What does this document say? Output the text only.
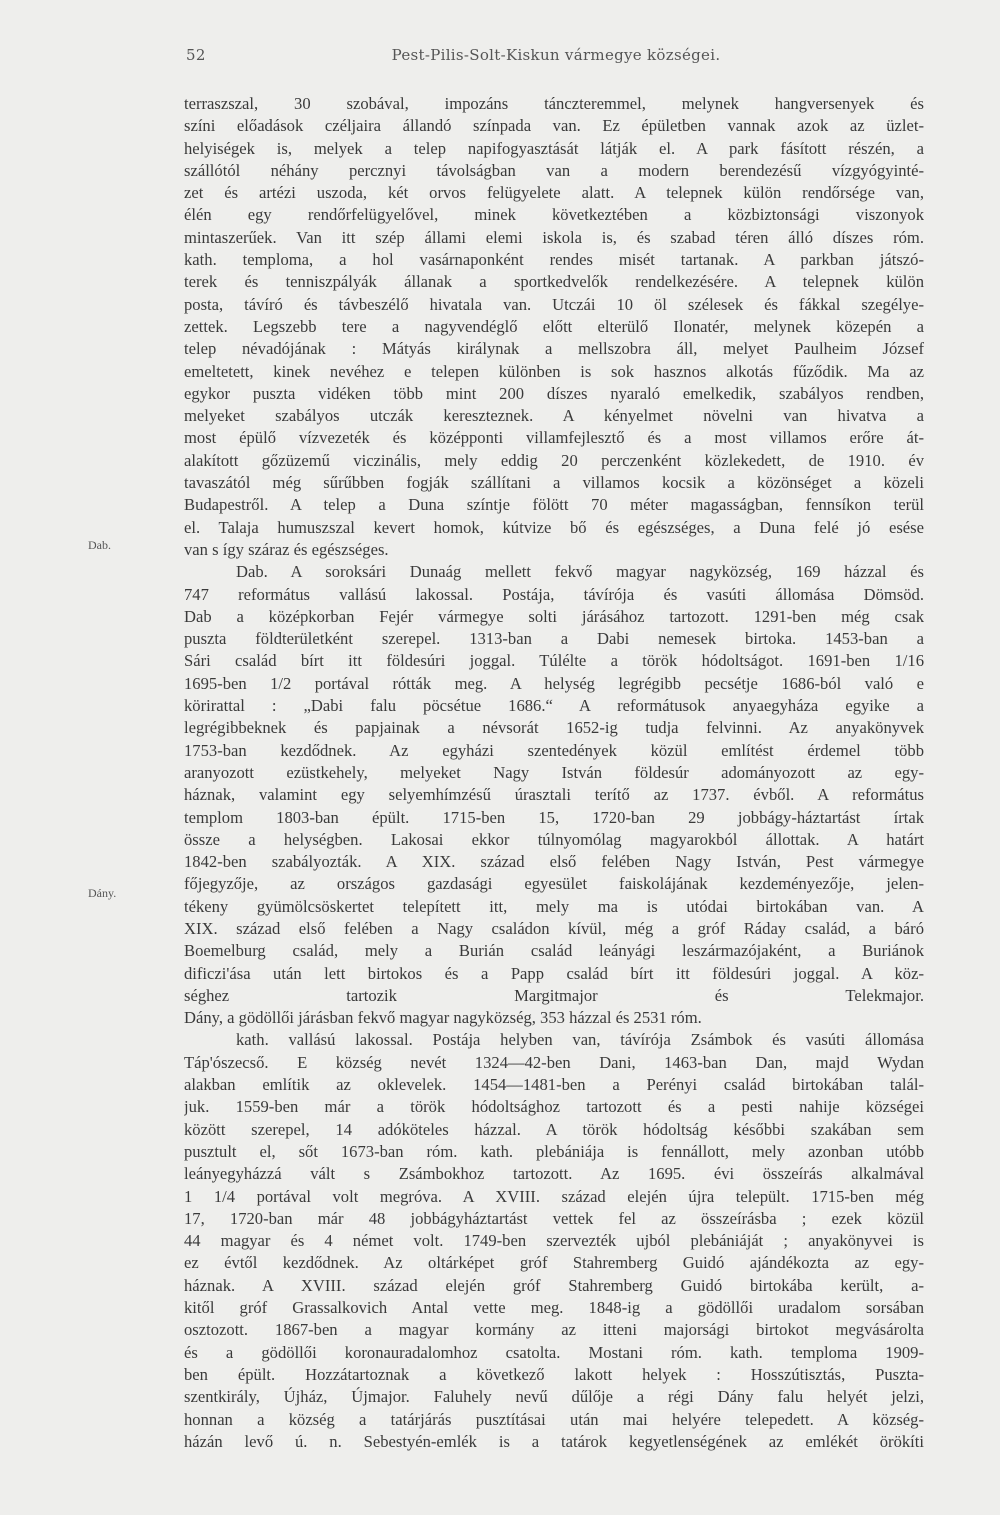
52	Pest-Pilis-Solt-Kiskun vármegye községei.
Dab.
Dány.
terraszszal, 30 szobával, impozáns tánczteremmel, melynek hangversenyek és
színi előadások czéljaira állandó színpada van. Ez épületben vannak azok az üzlet-
helyiségek is, melyek a telep napifogyasztását látják el. A park fásított részén, a
szállótól néhány percznyi távolságban van a modern berendezésű vízgyógyinté-
zet és artézi uszoda, két orvos felügyelete alatt. A telepnek külön rendőrsége van,
élén egy rendőrfelügyelővel, minek következtében a közbiztonsági viszonyok
mintaszerűek. Van itt szép állami elemi iskola is, és szabad téren álló díszes róm.
kath. temploma, a hol vasárnaponként rendes misét tartanak. A parkban játszó-
terek és tenniszpályák állanak a sportkedvelők rendelkezésére. A telepnek külön
posta, távíró és távbeszélő hivatala van. Utczái 10 öl szélesek és fákkal szegélye-
zettek. Legszebb tere a nagyvendéglő előtt elterülő Ilonatér, melynek közepén a
telep névadójának : Mátyás királynak a mellszobra áll, melyet Paulheim József
emeltetett, kinek nevéhez e telepen különben is sok hasznos alkotás fűződik. Ma az
egykor puszta vidéken több mint 200 díszes nyaraló emelkedik, szabályos rendben,
melyeket szabályos utczák kereszteznek. A kényelmet növelni van hivatva a
most épülő vízvezeték és középponti villamfejlesztő és a most villamos erőre át-
alakított gőzüzemű viczinális, mely eddig 20 perczenként közlekedett, de 1910. év
tavaszától még sűrűbben fogják szállítani a villamos kocsik a közönséget a közeli
Budapestről. A telep a Duna színtje fölött 70 méter magasságban, fennsíkon terül
el. Talaja humuszszal kevert homok, kútvize bő és egészséges, a Duna felé jó esése
van s így száraz és egészséges.
Dab. A soroksári Dunaág mellett fekvő magyar nagyközség, 169 házzal és
747 református vallású lakossal. Postája, távírója és vasúti állomása Dömsöd.
Dab a középkorban Fejér vármegye solti járásához tartozott. 1291-ben még csak
puszta földterületként szerepel. 1313-ban a Dabi nemesek birtoka. 1453-ban a
Sári család bírt itt földesúri joggal. Túlélte a török hódoltságot. 1691-ben 1/16
1695-ben 1/2 portával rótták meg. A helység legrégibb pecsétje 1686-ból való e
körirattal : „Dabi falu pöcsétue 1686.“ A reformátusok anyaegyháza egyike a
legrégibbeknek és papjainak a névsorát 1652-ig tudja felvinni. Az anyakönyvek
1753-ban kezdődnek. Az egyházi szentedények közül említést érdemel több
aranyozott ezüstkehely, melyeket Nagy István földesúr adományozott az egy-
háznak, valamint egy selyemhímzésű úrasztali terítő az 1737. évből. A református
templom 1803-ban épült. 1715-ben 15, 1720-ban 29 jobbágy-háztartást írtak
össze a helységben. Lakosai ekkor túlnyomólag magyarokból állottak. A határt
1842-ben szabályozták. A XIX. század első felében Nagy István, Pest vármegye
főjegyzője, az országos gazdasági egyesület faiskolájának kezdeményezője, jelen-
tékeny gyümölcsöskertet telepített itt, mely ma is utódai birtokában van. A
XIX. század első felében a Nagy családon kívül, még a gróf Ráday család, a báró
Boemelburg család, mely a Burián család leányági leszármazójaként, a Buriánok
dificzi'ása után lett birtokos és a Papp család bírt itt földesúri joggal. A köz-
séghez tartozik Margitmajor és Telekmajor.
Dány, a gödöllői járásban fekvő magyar nagyközség, 353 házzal és 2531 róm.
kath. vallású lakossal. Postája helyben van, távírója Zsámbok és vasúti állomása
Táp'ószecső. E község nevét 1324—42-ben Dani, 1463-ban Dan, majd Wydan
alakban említik az oklevelek. 1454—1481-ben a Perényi család birtokában talál-
juk. 1559-ben már a török hódoltsághoz tartozott és a pesti nahije községei
között szerepel, 14 adóköteles házzal. A török hódoltság későbbi szakában sem
pusztult el, sőt 1673-ban róm. kath. plebániája is fennállott, mely azonban utóbb
leányegyházzá vált s Zsámbokhoz tartozott. Az 1695. évi összeírás alkalmával
1 1/4 portával volt megróva. A XVIII. század elején újra települt. 1715-ben még
17, 1720-ban már 48 jobbágyháztartást vettek fel az összeírásba ; ezek közül
44 magyar és 4 német volt. 1749-ben szervezték ujból plebániáját ; anyakönyvei is
ez évtől kezdődnek. Az oltárképet gróf Stahremberg Guidó ajándékozta az egy-
háznak. A XVIII. század elején gróf Stahremberg Guidó birtokába került, a-
kitől gróf Grassalkovich Antal vette meg. 1848-ig a gödöllői uradalom sorsában
osztozott. 1867-ben a magyar kormány az itteni majorsági birtokot megvásárolta
és a gödöllői koronauradalomhoz csatolta. Mostani róm. kath. temploma 1909-
ben épült. Hozzátartoznak a következő lakott helyek : Hosszútisztás, Puszta-
szentkirály, Újház, Újmajor. Faluhely nevű dűlője a régi Dány falu helyét jelzi,
honnan a község a tatárjárás pusztításai után mai helyére telepedett. A község-
házán levő ú. n. Sebestyén-emlék is a tatárok kegyetlenségének az emlékét örökíti
